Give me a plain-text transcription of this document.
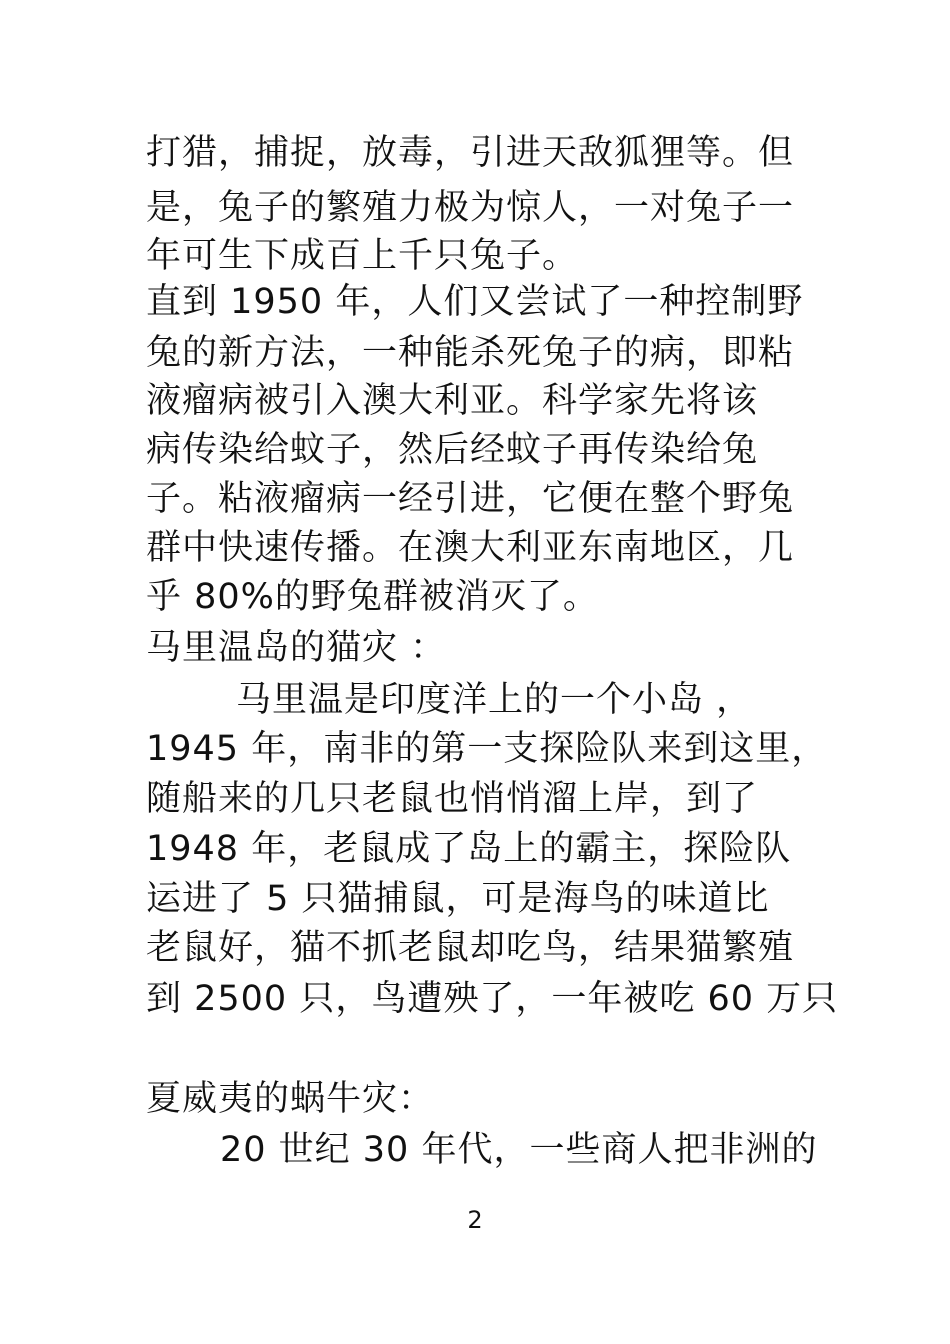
打猎，捕捉，放毒，引进天敌狐狸等。但
是，兔子的繁殖力极为惊人，一对兔子一
年可生下成百上千只兔子。
直到 1950 年，人们又尝试了一种控制野
兔的新方法，一种能杀死兔子的病，即粘
液瘤病被引入澳大利亚。科学家先将该
病传染给蚊子，然后经蚊子再传染给兔
子。粘液瘤病一经引进，它便在整个野兔
群中快速传播。在澳大利亚东南地区，几
乎 80%的野兔群被消灭了。
马里温岛的猫灾 ：
马里温是印度洋上的一个小岛 ，
1945 年，南非的第一支探险队来到这里，
随船来的几只老鼠也悄悄溜上岸，到了
1948 年，老鼠成了岛上的霸主，探险队
运进了 5 只猫捕鼠，可是海鸟的味道比
老鼠好，猫不抓老鼠却吃鸟，结果猫繁殖
到 2500 只，鸟遭殃了，一年被吃 60 万只
夏威夷的蜗牛灾：
20 世纪 30 年代，一些商人把非洲的
2
